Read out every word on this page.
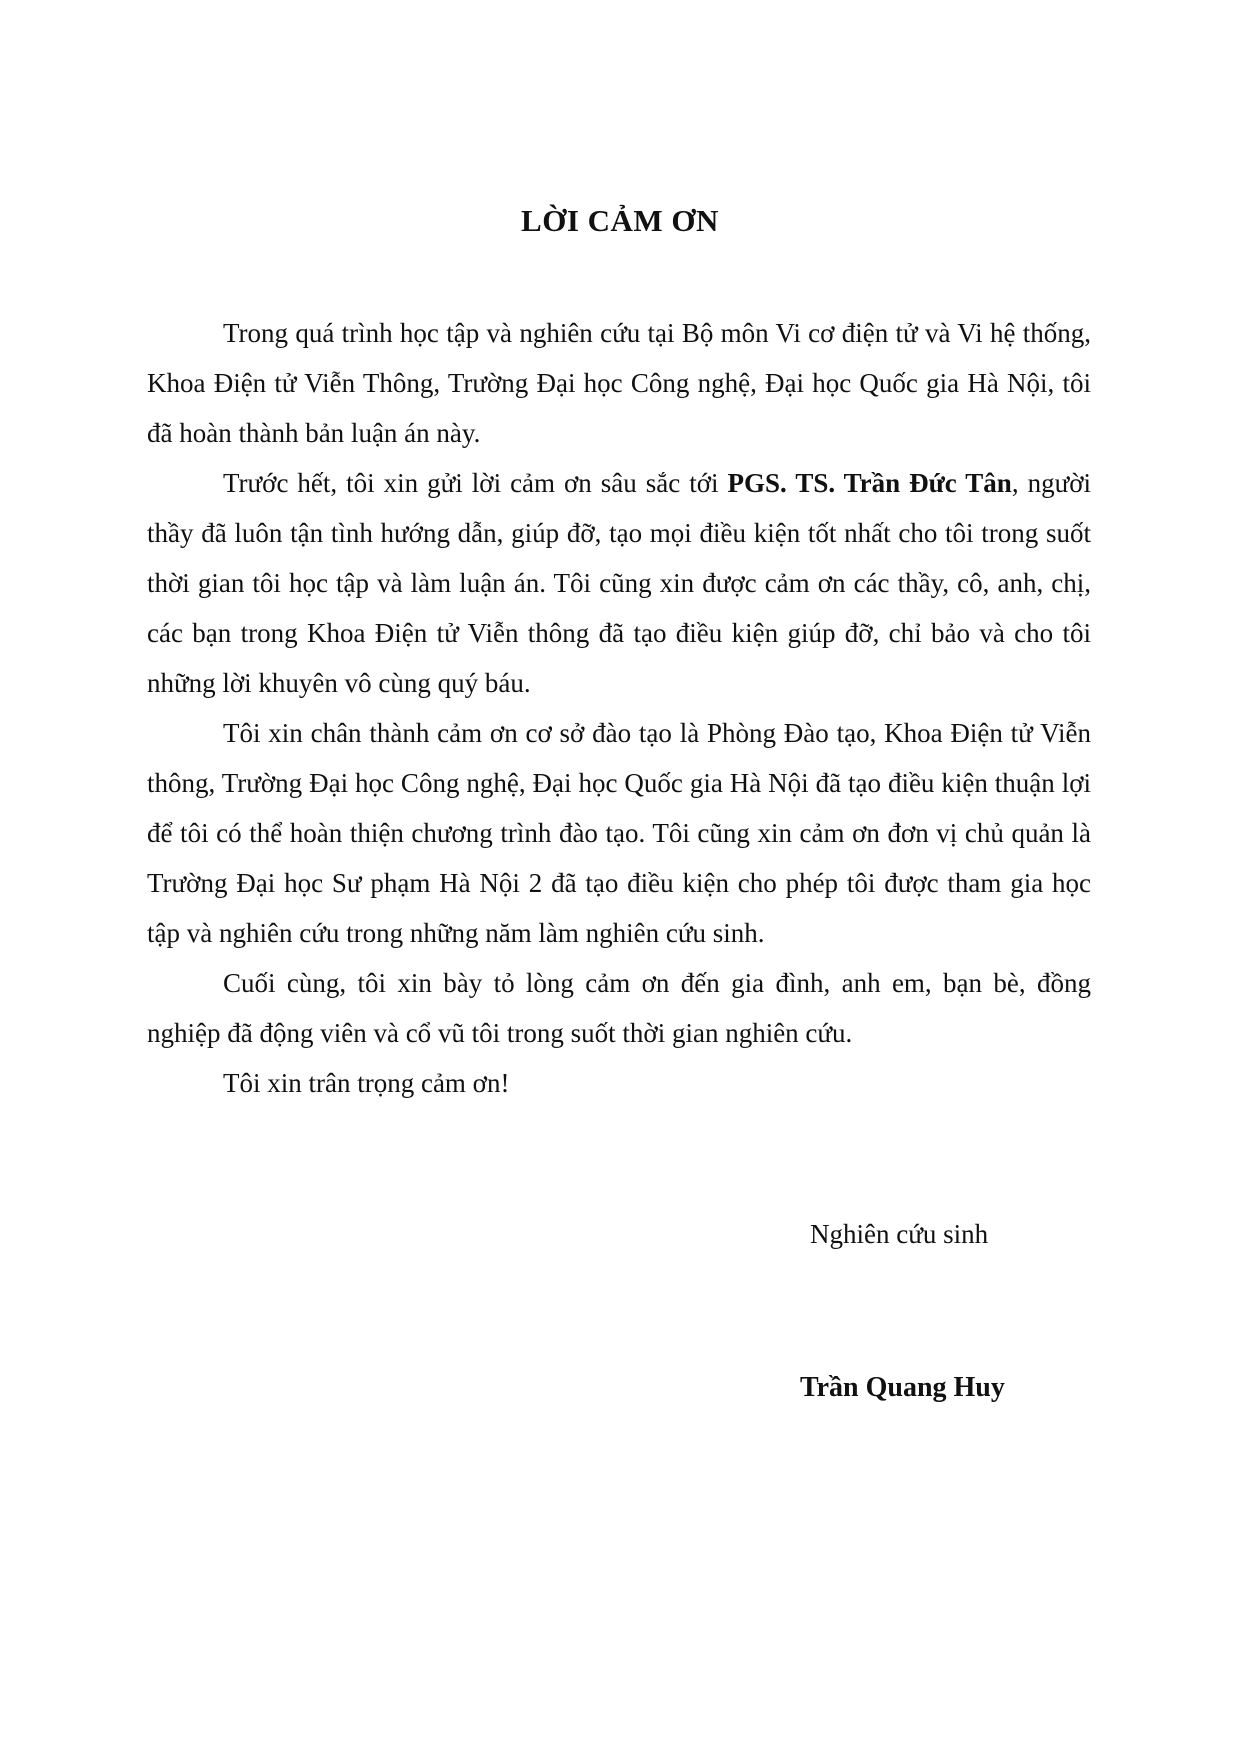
LỜI CẢM ƠN

Trong quá trình học tập và nghiên cứu tại Bộ môn Vi cơ điện tử và Vi hệ thống, Khoa Điện tử Viễn Thông, Trường Đại học Công nghệ, Đại học Quốc gia Hà Nội, tôi đã hoàn thành bản luận án này.

Trước hết, tôi xin gửi lời cảm ơn sâu sắc tới PGS. TS. Trần Đức Tân, người thầy đã luôn tận tình hướng dẫn, giúp đỡ, tạo mọi điều kiện tốt nhất cho tôi trong suốt thời gian tôi học tập và làm luận án. Tôi cũng xin được cảm ơn các thầy, cô, anh, chị, các bạn trong Khoa Điện tử Viễn thông đã tạo điều kiện giúp đỡ, chỉ bảo và cho tôi những lời khuyên vô cùng quý báu.

Tôi xin chân thành cảm ơn cơ sở đào tạo là Phòng Đào tạo, Khoa Điện tử Viễn thông, Trường Đại học Công nghệ, Đại học Quốc gia Hà Nội đã tạo điều kiện thuận lợi để tôi có thể hoàn thiện chương trình đào tạo. Tôi cũng xin cảm ơn đơn vị chủ quản là Trường Đại học Sư phạm Hà Nội 2 đã tạo điều kiện cho phép tôi được tham gia học tập và nghiên cứu trong những năm làm nghiên cứu sinh.

Cuối cùng, tôi xin bày tỏ lòng cảm ơn đến gia đình, anh em, bạn bè, đồng nghiệp đã động viên và cổ vũ tôi trong suốt thời gian nghiên cứu.

Tôi xin trân trọng cảm ơn!

Nghiên cứu sinh

Trần Quang Huy
